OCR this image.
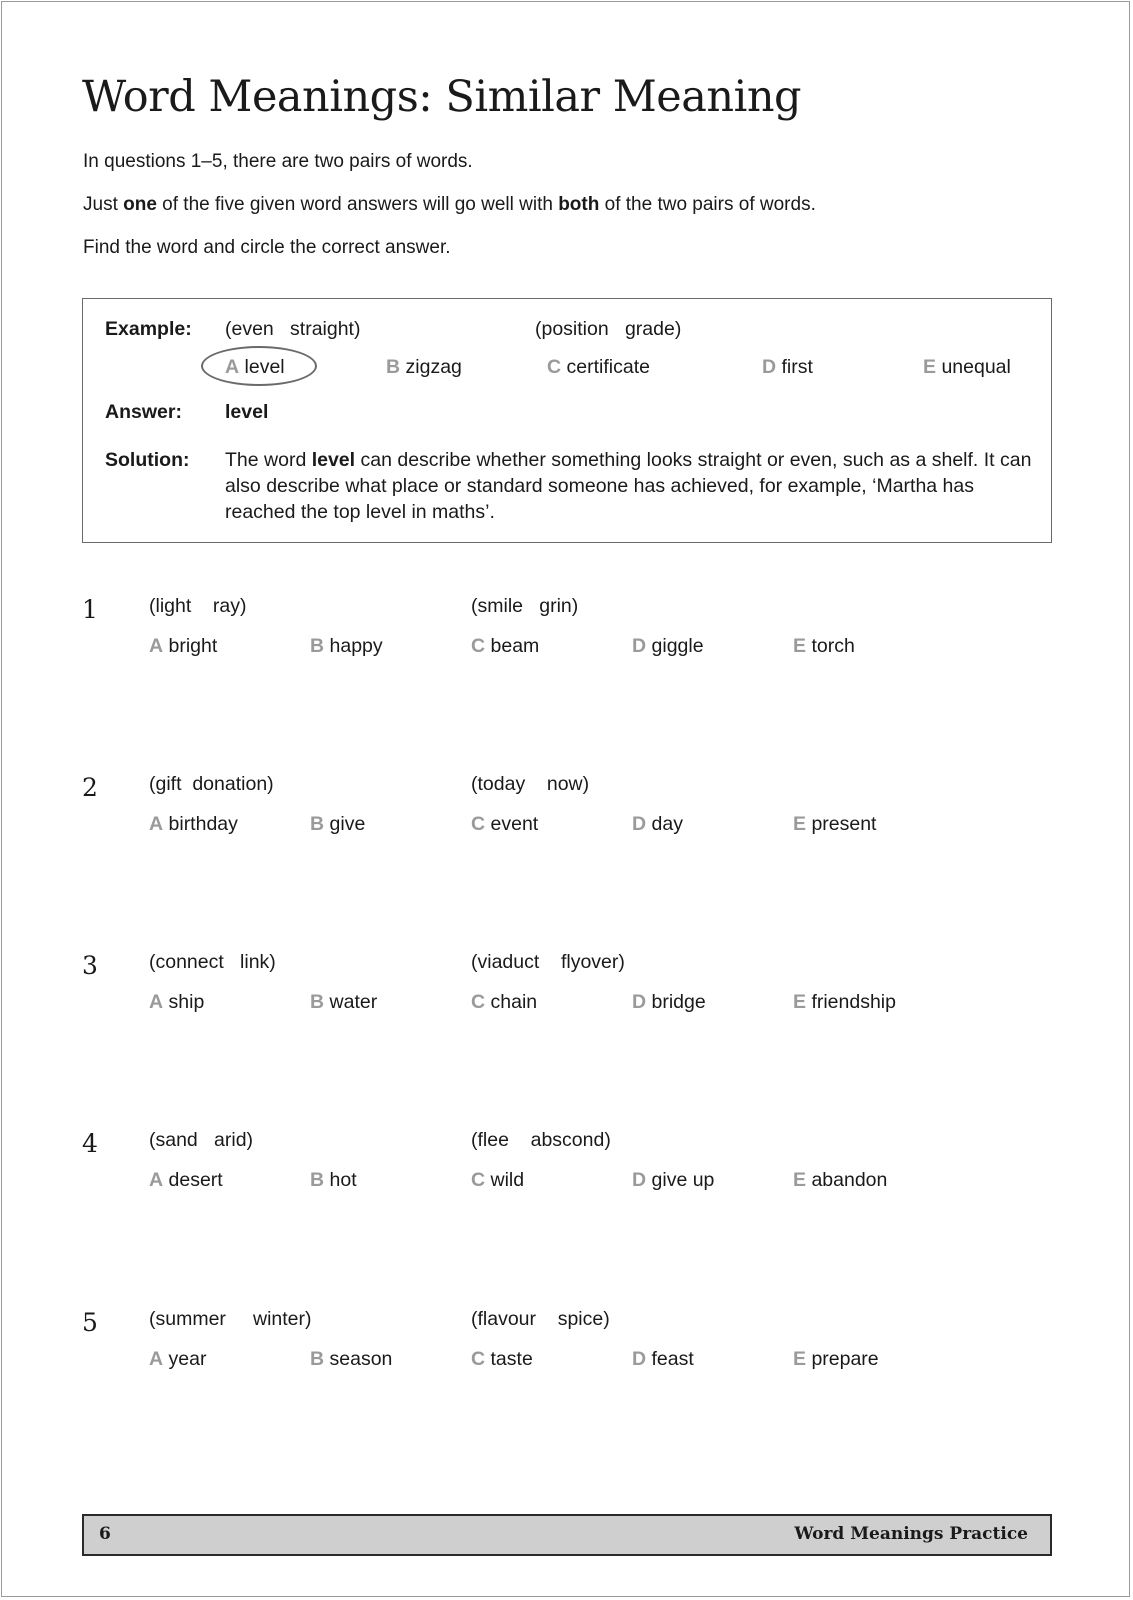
Word Meanings: Similar Meaning

In questions 1–5, there are two pairs of words.

Just one of the five given word answers will go well with both of the two pairs of words.

Find the word and circle the correct answer.

Example: (even   straight)	(position   grade)
A level	B zigzag	C certificate	D first	E unequal
Answer: level
Solution: The word level can describe whether something looks straight or even, such as a shelf. It can also describe what place or standard someone has achieved, for example, ‘Martha has reached the top level in maths’.
1	(light    ray)	(smile   grin)
A bright	B happy	C beam	D giggle	E torch
2	(gift  donation)	(today    now)
A birthday	B give	C event	D day	E present
3	(connect   link)	(viaduct    flyover)
A ship	B water	C chain	D bridge	E friendship
4	(sand   arid)	(flee    abscond)
A desert	B hot	C wild	D give up	E abandon
5	(summer     winter)	(flavour    spice)
A year	B season	C taste	D feast	E prepare
6	Word Meanings Practice
